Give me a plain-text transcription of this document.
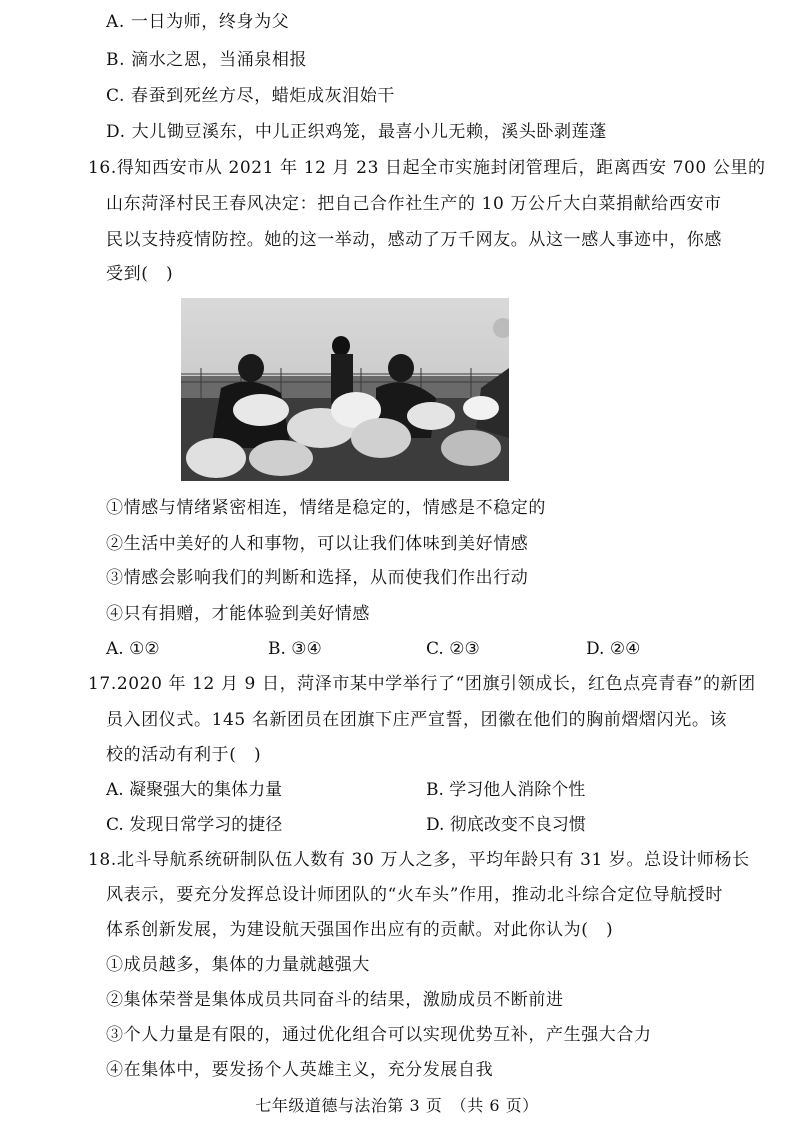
A. 一日为师，终身为父
B. 滴水之恩，当涌泉相报
C. 春蚕到死丝方尽，蜡炬成灰泪始干
D. 大儿锄豆溪东，中儿正织鸡笼，最喜小儿无赖，溪头卧剥莲蓬
16.得知西安市从 2021 年 12 月 23 日起全市实施封闭管理后，距离西安 700 公里的
山东菏泽村民王春风决定：把自己合作社生产的 10 万公斤大白菜捐献给西安市
民以支持疫情防控。她的这一举动，感动了万千网友。从这一感人事迹中，你感
受到(　)
①情感与情绪紧密相连，情绪是稳定的，情感是不稳定的
②生活中美好的人和事物，可以让我们体味到美好情感
③情感会影响我们的判断和选择，从而使我们作出行动
④只有捐赠，才能体验到美好情感
A. ①②	B. ③④	C. ②③	D. ②④
17.2020 年 12 月 9 日，菏泽市某中学举行了“团旗引领成长，红色点亮青春”的新团
员入团仪式。145 名新团员在团旗下庄严宣誓，团徽在他们的胸前熠熠闪光。该
校的活动有利于(　)
A. 凝聚强大的集体力量	B. 学习他人消除个性
C. 发现日常学习的捷径	D. 彻底改变不良习惯
18.北斗导航系统研制队伍人数有 30 万人之多，平均年龄只有 31 岁。总设计师杨长
风表示，要充分发挥总设计师团队的“火车头”作用，推动北斗综合定位导航授时
体系创新发展，为建设航天强国作出应有的贡献。对此你认为(　)
①成员越多，集体的力量就越强大
②集体荣誉是集体成员共同奋斗的结果，激励成员不断前进
③个人力量是有限的，通过优化组合可以实现优势互补，产生强大合力
④在集体中，要发扬个人英雄主义，充分发展自我
七年级道德与法治第 3 页　（共 6 页）
